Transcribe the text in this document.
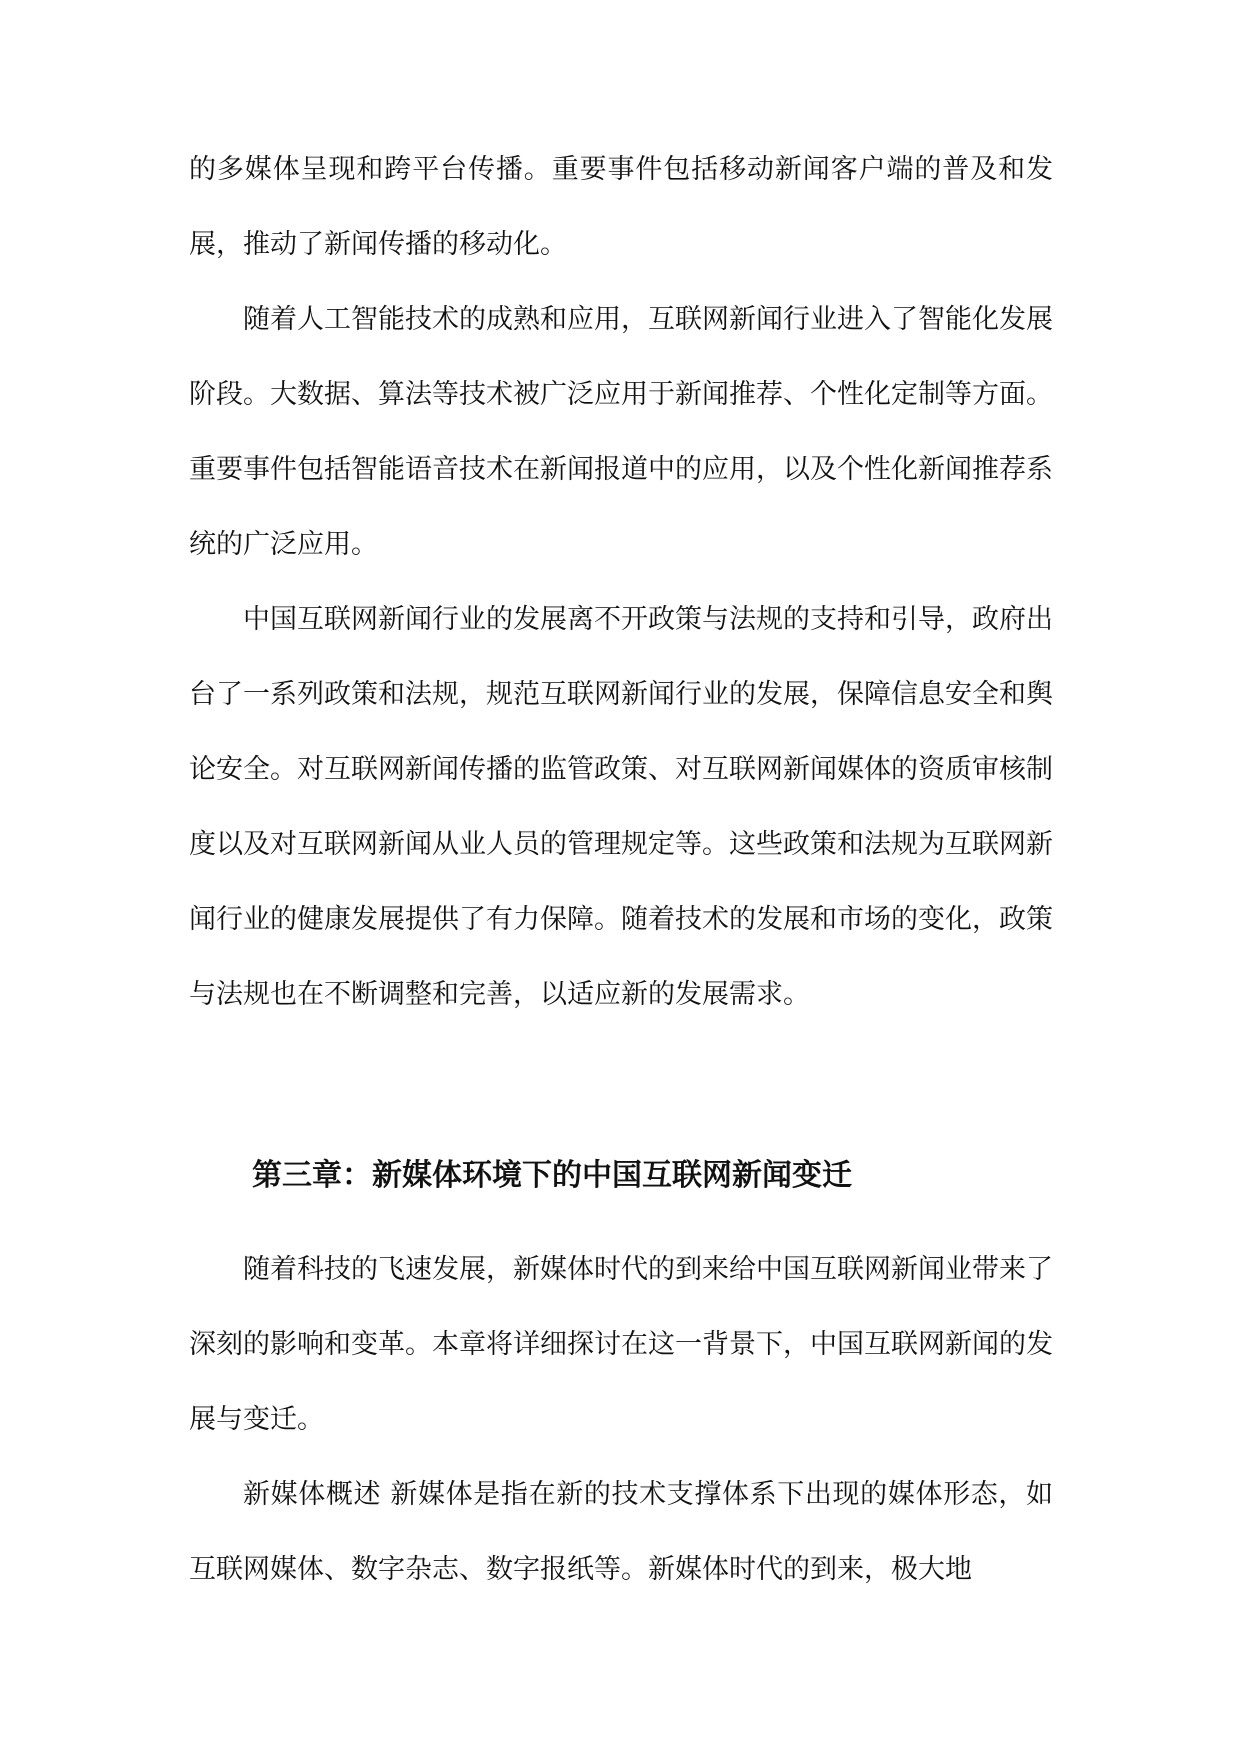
的多媒体呈现和跨平台传播。重要事件包括移动新闻客户端的普及和发展，推动了新闻传播的移动化。

随着人工智能技术的成熟和应用，互联网新闻行业进入了智能化发展阶段。大数据、算法等技术被广泛应用于新闻推荐、个性化定制等方面。重要事件包括智能语音技术在新闻报道中的应用，以及个性化新闻推荐系统的广泛应用。

中国互联网新闻行业的发展离不开政策与法规的支持和引导，政府出台了一系列政策和法规，规范互联网新闻行业的发展，保障信息安全和舆论安全。对互联网新闻传播的监管政策、对互联网新闻媒体的资质审核制度以及对互联网新闻从业人员的管理规定等。这些政策和法规为互联网新闻行业的健康发展提供了有力保障。随着技术的发展和市场的变化，政策与法规也在不断调整和完善，以适应新的发展需求。

第三章：新媒体环境下的中国互联网新闻变迁

随着科技的飞速发展，新媒体时代的到来给中国互联网新闻业带来了深刻的影响和变革。本章将详细探讨在这一背景下，中国互联网新闻的发展与变迁。

新媒体概述 新媒体是指在新的技术支撑体系下出现的媒体形态，如互联网媒体、数字杂志、数字报纸等。新媒体时代的到来，极大地
